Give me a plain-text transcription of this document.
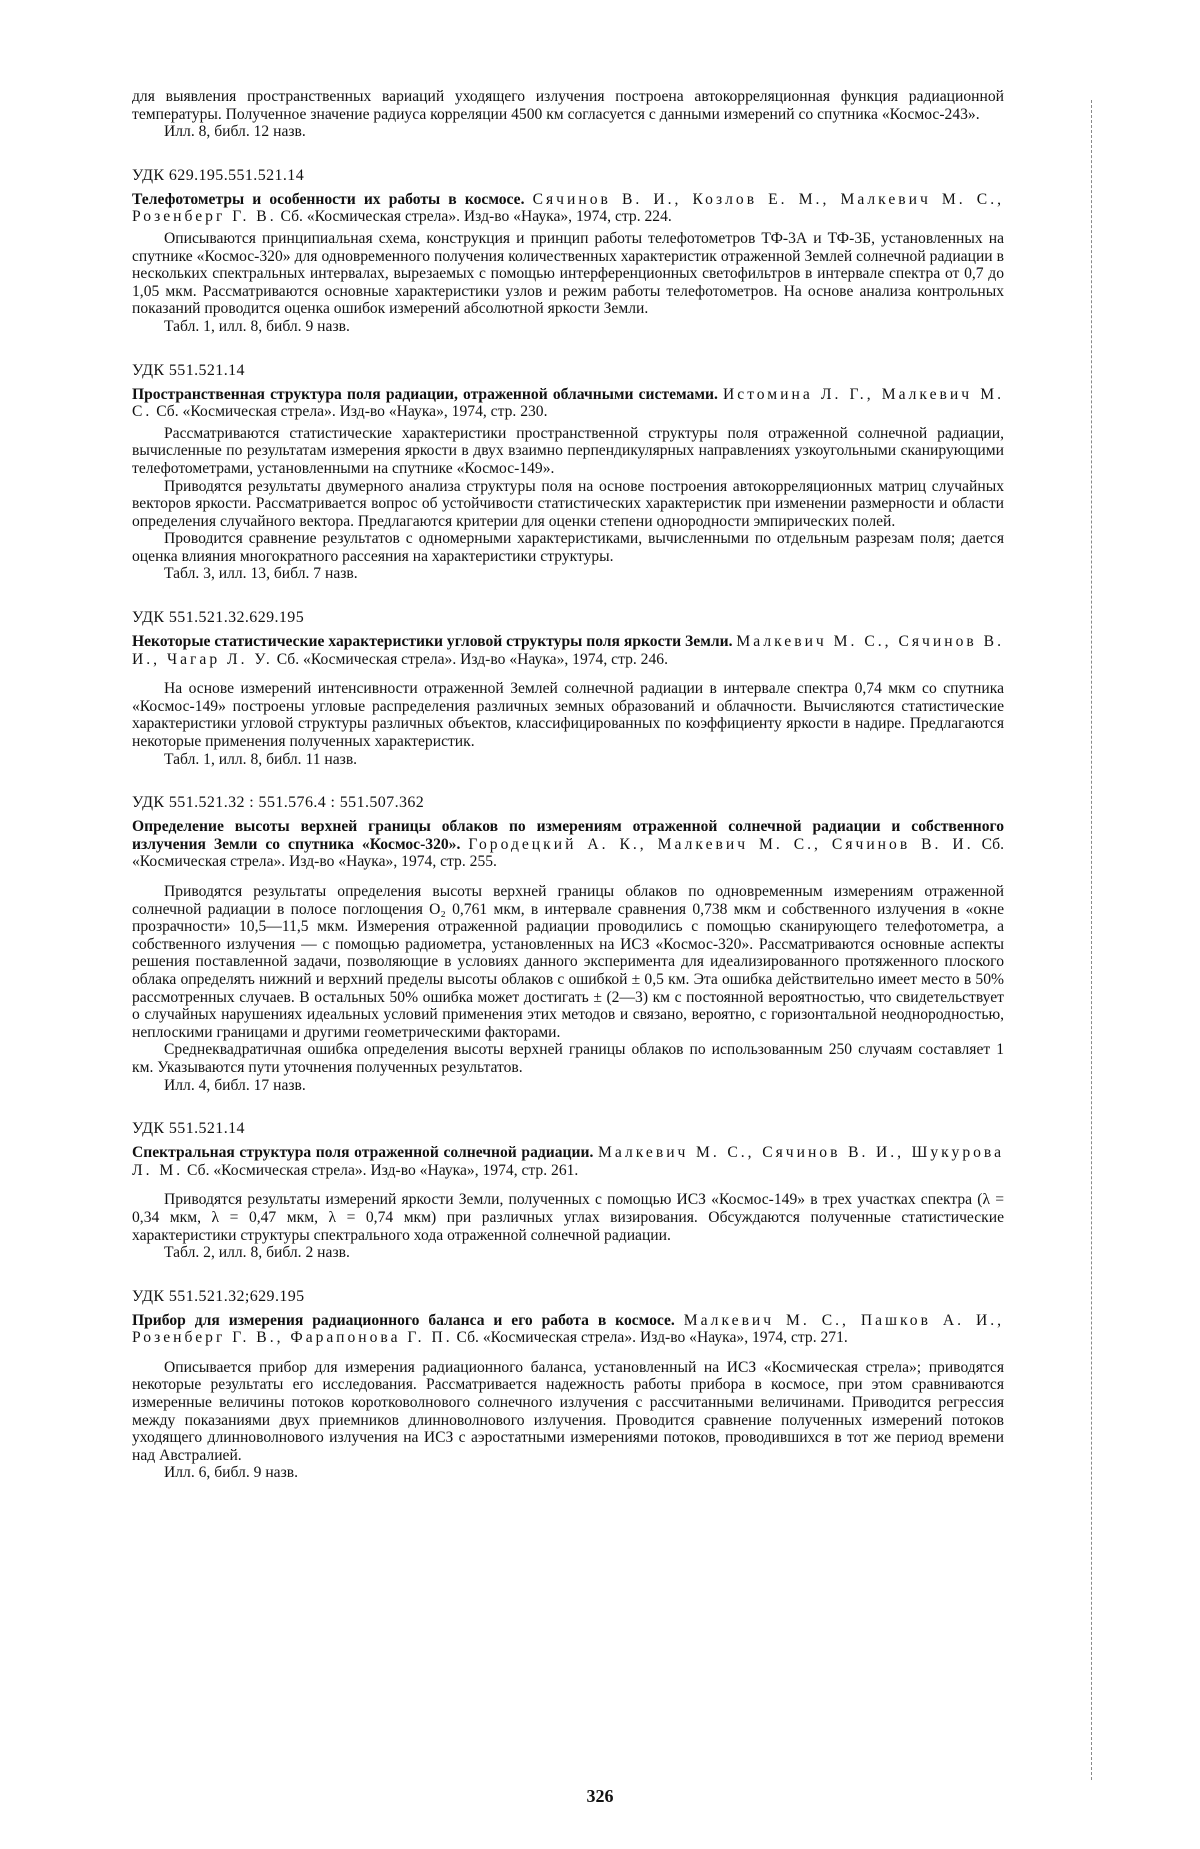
для выявления пространственных вариаций уходящего излучения построена автокорреляционная функция радиационной температуры. Полученное значение радиуса корреляции 4500 км согласуется с данными измерений со спутника «Космос-243».

Илл. 8, библ. 12 назв.

УДК 629.195.551.521.14

Телефотометры и особенности их работы в космосе. Сячинов В. И., Козлов Е. М., Малкевич М. С., Розенберг Г. В. Сб. «Космическая стрела». Изд-во «Наука», 1974, стр. 224.

Описываются принципиальная схема, конструкция и принцип работы телефотометров ТФ-3А и ТФ-3Б, установленных на спутнике «Космос-320» для одновременного получения количественных характеристик отраженной Землей солнечной радиации в нескольких спектральных интервалах, вырезаемых с помощью интерференционных светофильтров в интервале спектра от 0,7 до 1,05 мкм. Рассматриваются основные характеристики узлов и режим работы телефотометров. На основе анализа контрольных показаний проводится оценка ошибок измерений абсолютной яркости Земли.

Табл. 1, илл. 8, библ. 9 назв.

УДК 551.521.14

Пространственная структура поля радиации, отраженной облачными системами. Истомина Л. Г., Малкевич М. С. Сб. «Космическая стрела». Изд-во «Наука», 1974, стр. 230.

Рассматриваются статистические характеристики пространственной структуры поля отраженной солнечной радиации, вычисленные по результатам измерения яркости в двух взаимно перпендикулярных направлениях узкоугольными сканирующими телефотометрами, установленными на спутнике «Космос-149».

Приводятся результаты двумерного анализа структуры поля на основе построения автокорреляционных матриц случайных векторов яркости. Рассматривается вопрос об устойчивости статистических характеристик при изменении размерности и области определения случайного вектора. Предлагаются критерии для оценки степени однородности эмпирических полей.

Проводится сравнение результатов с одномерными характеристиками, вычисленными по отдельным разрезам поля; дается оценка влияния многократного рассеяния на характеристики структуры.

Табл. 3, илл. 13, библ. 7 назв.

УДК 551.521.32.629.195

Некоторые статистические характеристики угловой структуры поля яркости Земли. Малкевич М. С., Сячинов В. И., Чагар Л. У. Сб. «Космическая стрела». Изд-во «Наука», 1974, стр. 246.

На основе измерений интенсивности отраженной Землей солнечной радиации в интервале спектра 0,74 мкм со спутника «Космос-149» построены угловые распределения различных земных образований и облачности. Вычисляются статистические характеристики угловой структуры различных объектов, классифицированных по коэффициенту яркости в надире. Предлагаются некоторые применения полученных характеристик.

Табл. 1, илл. 8, библ. 11 назв.

УДК 551.521.32 : 551.576.4 : 551.507.362

Определение высоты верхней границы облаков по измерениям отраженной солнечной радиации и собственного излучения Земли со спутника «Космос-320». Городецкий А. К., Малкевич М. С., Сячинов В. И. Сб. «Космическая стрела». Изд-во «Наука», 1974, стр. 255.

Приводятся результаты определения высоты верхней границы облаков по одновременным измерениям отраженной солнечной радиации в полосе поглощения O₂ 0,761 мкм, в интервале сравнения 0,738 мкм и собственного излучения в «окне прозрачности» 10,5—11,5 мкм. Измерения отраженной радиации проводились с помощью сканирующего телефотометра, а собственного излучения — с помощью радиометра, установленных на ИСЗ «Космос-320». Рассматриваются основные аспекты решения поставленной задачи, позволяющие в условиях данного эксперимента для идеализированного протяженного плоского облака определять нижний и верхний пределы высоты облаков с ошибкой ± 0,5 км. Эта ошибка действительно имеет место в 50% рассмотренных случаев. В остальных 50% ошибка может достигать ± (2—3) км с постоянной вероятностью, что свидетельствует о случайных нарушениях идеальных условий применения этих методов и связано, вероятно, с горизонтальной неоднородностью, неплоскими границами и другими геометрическими факторами.

Среднеквадратичная ошибка определения высоты верхней границы облаков по использованным 250 случаям составляет 1 км. Указываются пути уточнения полученных результатов.

Илл. 4, библ. 17 назв.

УДК 551.521.14

Спектральная структура поля отраженной солнечной радиации. Малкевич М. С., Сячинов В. И., Шукурова Л. М. Сб. «Космическая стрела». Изд-во «Наука», 1974, стр. 261.

Приводятся результаты измерений яркости Земли, полученных с помощью ИСЗ «Космос-149» в трех участках спектра (λ = 0,34 мкм, λ = 0,47 мкм, λ = 0,74 мкм) при различных углах визирования. Обсуждаются полученные статистические характеристики структуры спектрального хода отраженной солнечной радиации.

Табл. 2, илл. 8, библ. 2 назв.

УДК 551.521.32;629.195

Прибор для измерения радиационного баланса и его работа в космосе. Малкевич М. С., Пашков А. И., Розенберг Г. В., Фарапонова Г. П. Сб. «Космическая стрела». Изд-во «Наука», 1974, стр. 271.

Описывается прибор для измерения радиационного баланса, установленный на ИСЗ «Космическая стрела»; приводятся некоторые результаты его исследования. Рассматривается надежность работы прибора в космосе, при этом сравниваются измеренные величины потоков коротковолнового солнечного излучения с рассчитанными величинами. Приводится регрессия между показаниями двух приемников длинноволнового излучения. Проводится сравнение полученных измерений потоков уходящего длинноволнового излучения на ИСЗ с аэростатными измерениями потоков, проводившихся в тот же период времени над Австралией.

Илл. 6, библ. 9 назв.

326
